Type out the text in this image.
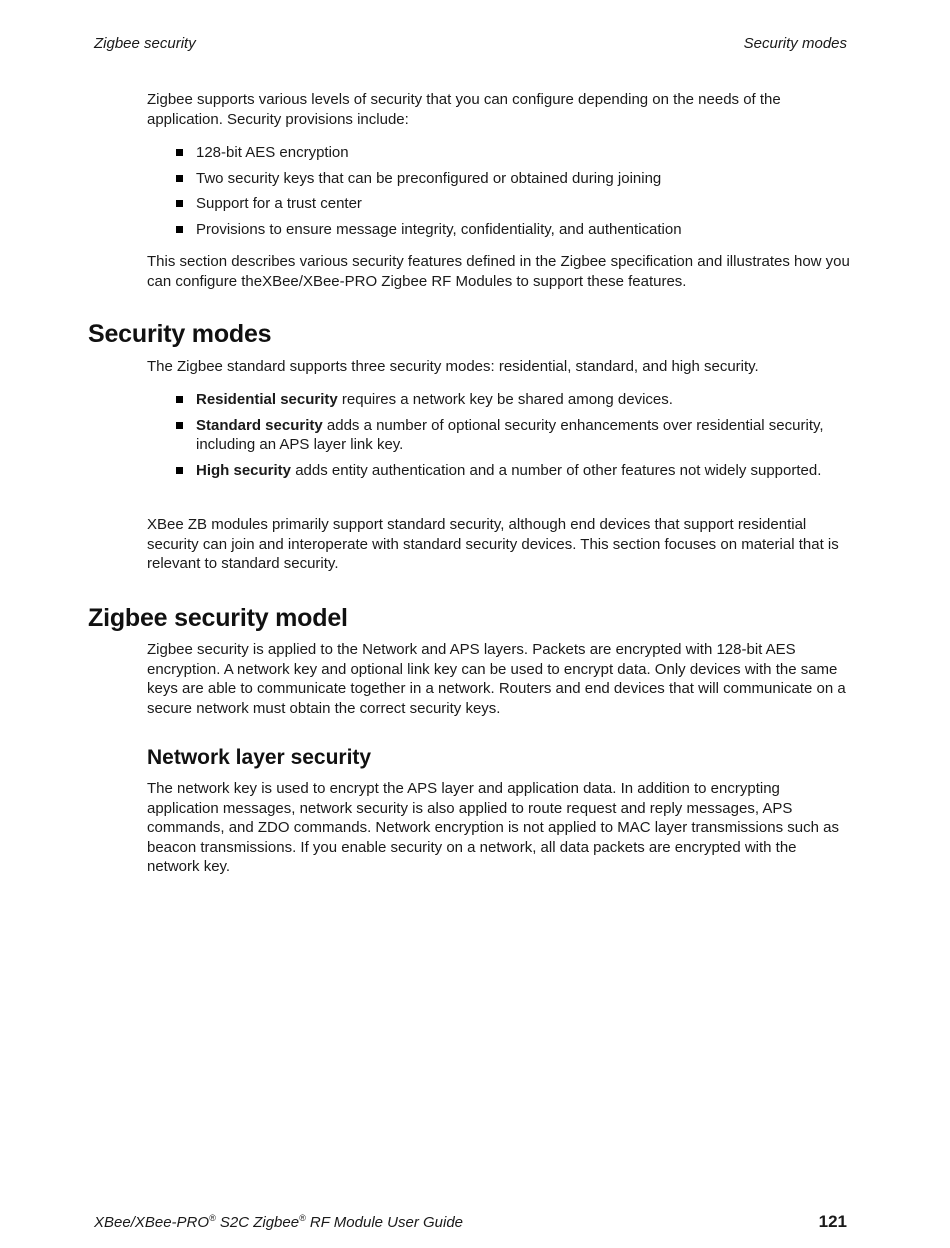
Zigbee security	Security modes

Zigbee supports various levels of security that you can configure depending on the needs of the application. Security provisions include:

128-bit AES encryption
Two security keys that can be preconfigured or obtained during joining
Support for a trust center
Provisions to ensure message integrity, confidentiality, and authentication

This section describes various security features defined in the Zigbee specification and illustrates how you can configure theXBee/XBee-PRO Zigbee RF Modules to support these features.

Security modes

The Zigbee standard supports three security modes: residential, standard, and high security.

Residential security requires a network key be shared among devices.
Standard security adds a number of optional security enhancements over residential security, including an APS layer link key.
High security adds entity authentication and a number of other features not widely supported.

XBee ZB modules primarily support standard security, although end devices that support residential security can join and interoperate with standard security devices. This section focuses on material that is relevant to standard security.

Zigbee security model

Zigbee security is applied to the Network and APS layers. Packets are encrypted with 128-bit AES encryption. A network key and optional link key can be used to encrypt data. Only devices with the same keys are able to communicate together in a network. Routers and end devices that will communicate on a secure network must obtain the correct security keys.

Network layer security

The network key is used to encrypt the APS layer and application data. In addition to encrypting application messages, network security is also applied to route request and reply messages, APS commands, and ZDO commands. Network encryption is not applied to MAC layer transmissions such as beacon transmissions. If you enable security on a network, all data packets are encrypted with the network key.

XBee/XBee-PRO® S2C Zigbee® RF Module User Guide	121
